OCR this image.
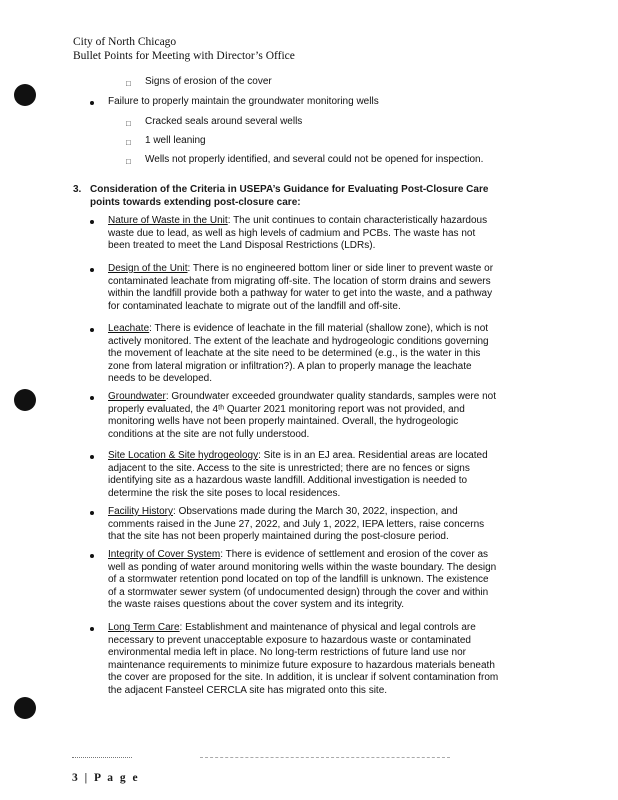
City of North Chicago
Bullet Points for Meeting with Director’s Office
□ Signs of erosion of the cover
Failure to properly maintain the groundwater monitoring wells
□ Cracked seals around several wells
□ 1 well leaning
□ Wells not properly identified, and several could not be opened for inspection.
3. Consideration of the Criteria in USEPA’s Guidance for Evaluating Post-Closure Care
points towards extending post-closure care:
Nature of Waste in the Unit: The unit continues to contain characteristically hazardous
waste due to lead, as well as high levels of cadmium and PCBs. The waste has not
been treated to meet the Land Disposal Restrictions (LDRs).
Design of the Unit: There is no engineered bottom liner or side liner to prevent waste or
contaminated leachate from migrating off-site. The location of storm drains and sewers
within the landfill provide both a pathway for water to get into the waste, and a pathway
for contaminated leachate to migrate out of the landfill and off-site.
Leachate: There is evidence of leachate in the fill material (shallow zone), which is not
actively monitored. The extent of the leachate and hydrogeologic conditions governing
the movement of leachate at the site need to be determined (e.g., is the water in this
zone from lateral migration or infiltration?). A plan to properly manage the leachate
needs to be developed.
Groundwater: Groundwater exceeded groundwater quality standards, samples were not
properly evaluated, the 4ᵗʰ Quarter 2021 monitoring report was not provided, and
monitoring wells have not been properly maintained. Overall, the hydrogeologic
conditions at the site are not fully understood.
Site Location & Site hydrogeology: Site is in an EJ area. Residential areas are located
adjacent to the site. Access to the site is unrestricted; there are no fences or signs
identifying site as a hazardous waste landfill. Additional investigation is needed to
determine the risk the site poses to local residences.
Facility History: Observations made during the March 30, 2022, inspection, and
comments raised in the June 27, 2022, and July 1, 2022, IEPA letters, raise concerns
that the site has not been properly maintained during the post-closure period.
Integrity of Cover System: There is evidence of settlement and erosion of the cover as
well as ponding of water around monitoring wells within the waste boundary. The design
of a stormwater retention pond located on top of the landfill is unknown. The existence
of a stormwater sewer system (of undocumented design) through the cover and within
the waste raises questions about the cover system and its integrity.
Long Term Care: Establishment and maintenance of physical and legal controls are
necessary to prevent unacceptable exposure to hazardous waste or contaminated
environmental media left in place. No long-term restrictions of future land use nor
maintenance requirements to minimize future exposure to hazardous materials beneath
the cover are proposed for the site. In addition, it is unclear if solvent contamination from
the adjacent Fansteel CERCLA site has migrated onto this site.
3 | P a g e
